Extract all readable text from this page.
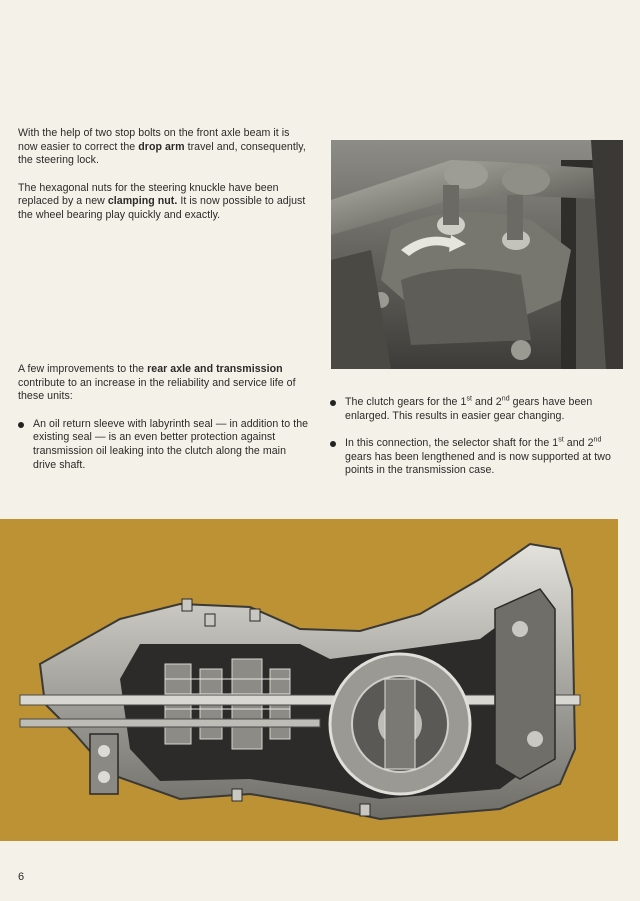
With the help of two stop bolts on the front axle beam it is now easier to correct the drop arm travel and, consequently, the steering lock.

The hexagonal nuts for the steering knuckle have been replaced by a new clamping nut. It is now possible to adjust the wheel bearing play quickly and exactly.

A few improvements to the rear axle and transmission contribute to an increase in the reliability and service life of these units:

An oil return sleeve with labyrinth seal — in addition to the existing seal — is an even better protection against transmission oil leaking into the clutch along the main drive shaft.

The clutch gears for the 1st and 2nd gears have been enlarged. This results in easier gear changing.

In this connection, the selector shaft for the 1st and 2nd gears has been lengthened and is now supported at two points in the transmission case.

6
